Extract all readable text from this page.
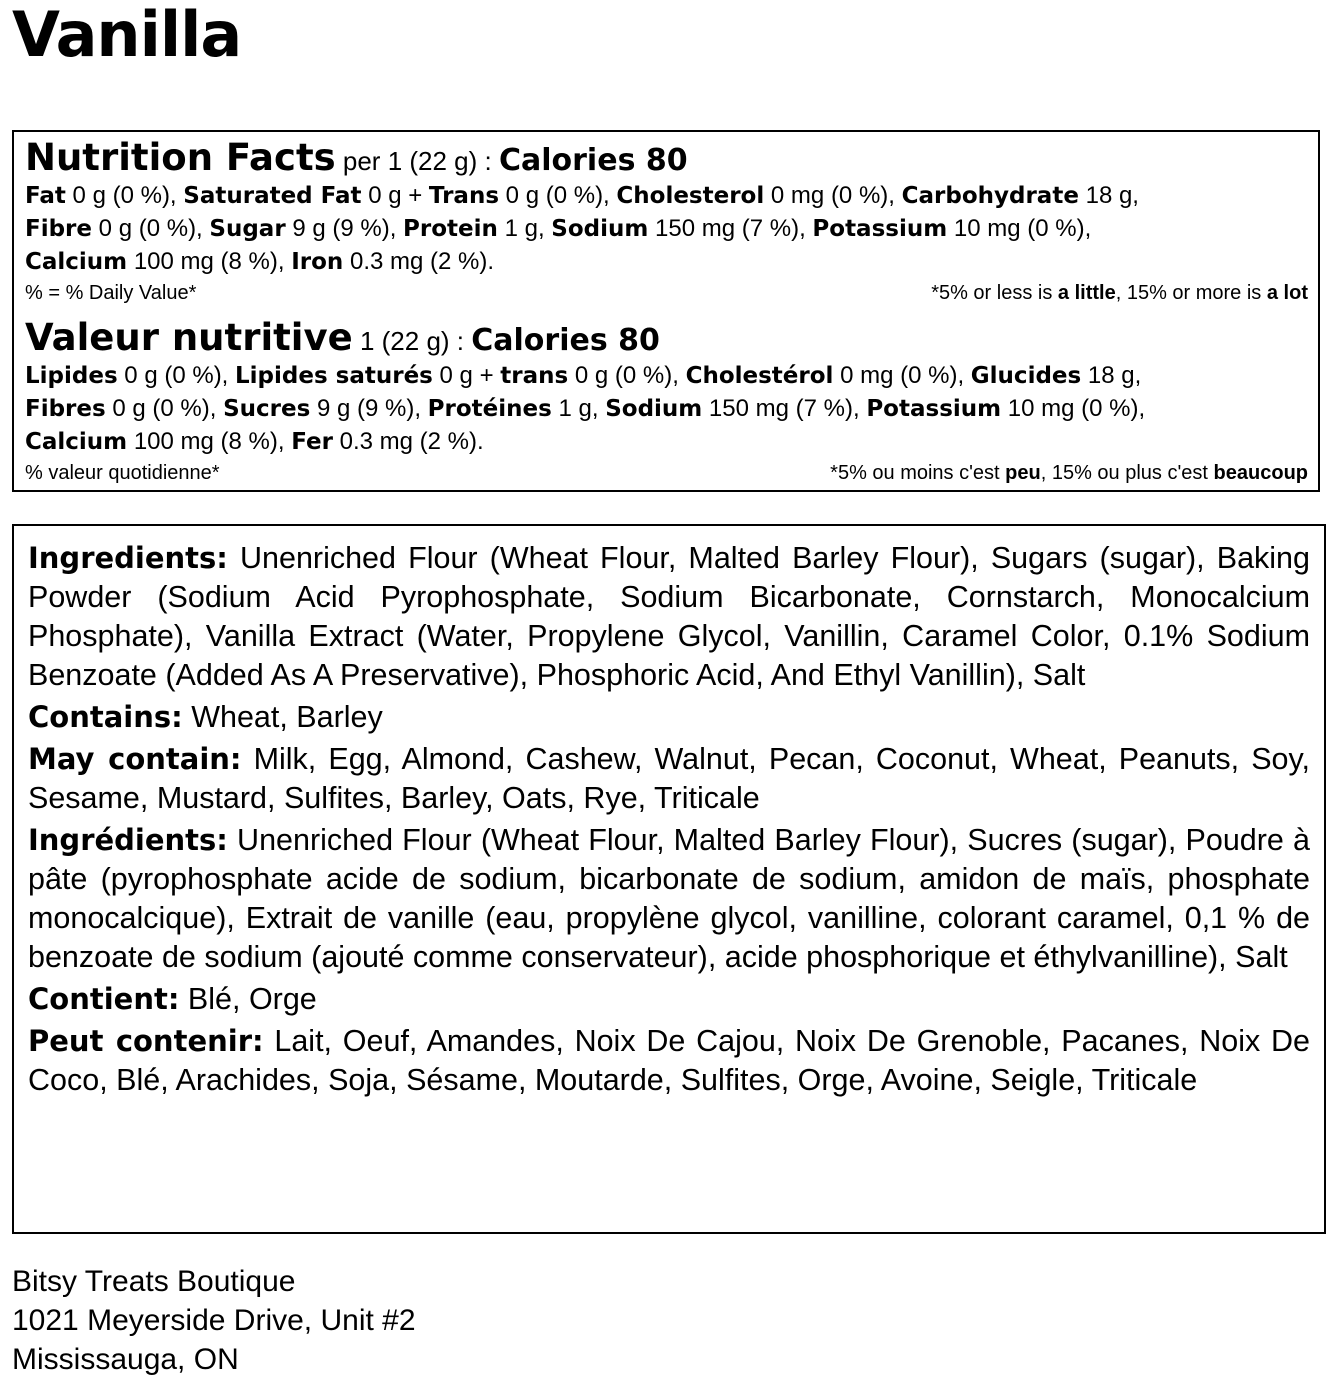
Vanilla
Nutrition Facts per 1 (22 g) : Calories 80
Fat 0 g (0 %), Saturated Fat 0 g + Trans 0 g (0 %), Cholesterol 0 mg (0 %), Carbohydrate 18 g,
Fibre 0 g (0 %), Sugar 9 g (9 %), Protein 1 g, Sodium 150 mg (7 %), Potassium 10 mg (0 %),
Calcium 100 mg (8 %), Iron 0.3 mg (2 %).
% = % Daily Value*	*5% or less is a little, 15% or more is a lot
Valeur nutritive 1 (22 g) : Calories 80
Lipides 0 g (0 %), Lipides saturés 0 g + trans 0 g (0 %), Cholestérol 0 mg (0 %), Glucides 18 g,
Fibres 0 g (0 %), Sucres 9 g (9 %), Protéines 1 g, Sodium 150 mg (7 %), Potassium 10 mg (0 %),
Calcium 100 mg (8 %), Fer 0.3 mg (2 %).
% valeur quotidienne*	*5% ou moins c'est peu, 15% ou plus c'est beaucoup

Ingredients: Unenriched Flour (Wheat Flour, Malted Barley Flour), Sugars (sugar), Baking Powder (Sodium Acid Pyrophosphate, Sodium Bicarbonate, Cornstarch, Monocalcium Phosphate), Vanilla Extract (Water, Propylene Glycol, Vanillin, Caramel Color, 0.1% Sodium Benzoate (Added As A Preservative), Phosphoric Acid, And Ethyl Vanillin), Salt

Contains: Wheat, Barley

May contain: Milk, Egg, Almond, Cashew, Walnut, Pecan, Coconut, Wheat, Peanuts, Soy, Sesame, Mustard, Sulfites, Barley, Oats, Rye, Triticale

Ingrédients: Unenriched Flour (Wheat Flour, Malted Barley Flour), Sucres (sugar), Poudre à pâte (pyrophosphate acide de sodium, bicarbonate de sodium, amidon de maïs, phosphate monocalcique), Extrait de vanille (eau, propylène glycol, vanilline, colorant caramel, 0,1 % de benzoate de sodium (ajouté comme conservateur), acide phosphorique et éthylvanilline), Salt

Contient: Blé, Orge

Peut contenir: Lait, Oeuf, Amandes, Noix De Cajou, Noix De Grenoble, Pacanes, Noix De Coco, Blé, Arachides, Soja, Sésame, Moutarde, Sulfites, Orge, Avoine, Seigle, Triticale

Bitsy Treats Boutique
1021 Meyerside Drive, Unit #2
Mississauga, ON
